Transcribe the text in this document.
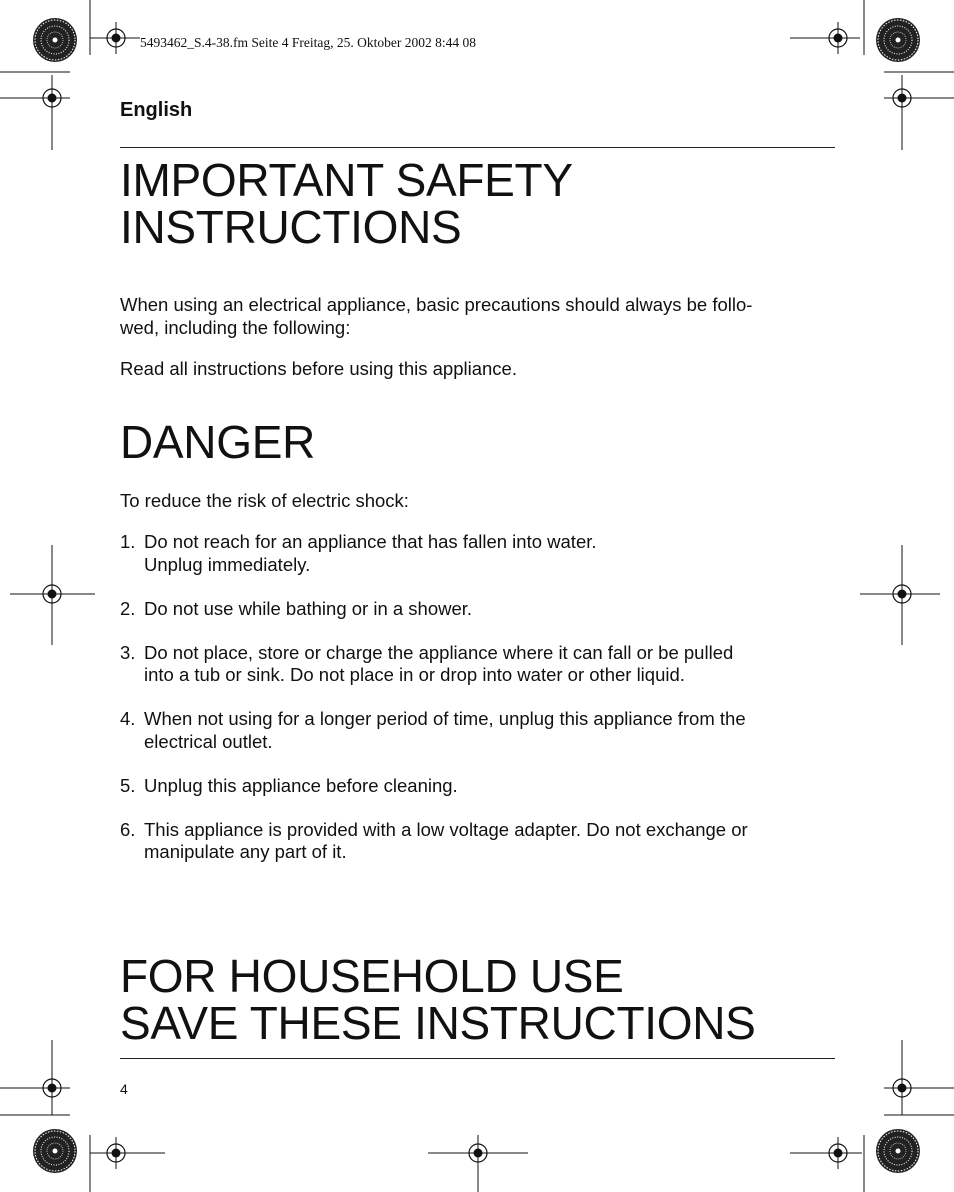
5493462_S.4-38.fm Seite 4 Freitag, 25. Oktober 2002 8:44 08
English
IMPORTANT SAFETY
INSTRUCTIONS

When using an electrical appliance, basic precautions should always be follo-
wed, including the following:

Read all instructions before using this appliance.

DANGER

To reduce the risk of electric shock:

1. Do not reach for an appliance that has fallen into water.
Unplug immediately.
2. Do not use while bathing or in a shower.
3. Do not place, store or charge the appliance where it can fall or be pulled
into a tub or sink. Do not place in or drop into water or other liquid.
4. When not using for a longer period of time, unplug this appliance from the
electrical outlet.
5. Unplug this appliance before cleaning.
6. This appliance is provided with a low voltage adapter. Do not exchange or
manipulate any part of it.
FOR HOUSEHOLD USE
SAVE THESE INSTRUCTIONS
4
